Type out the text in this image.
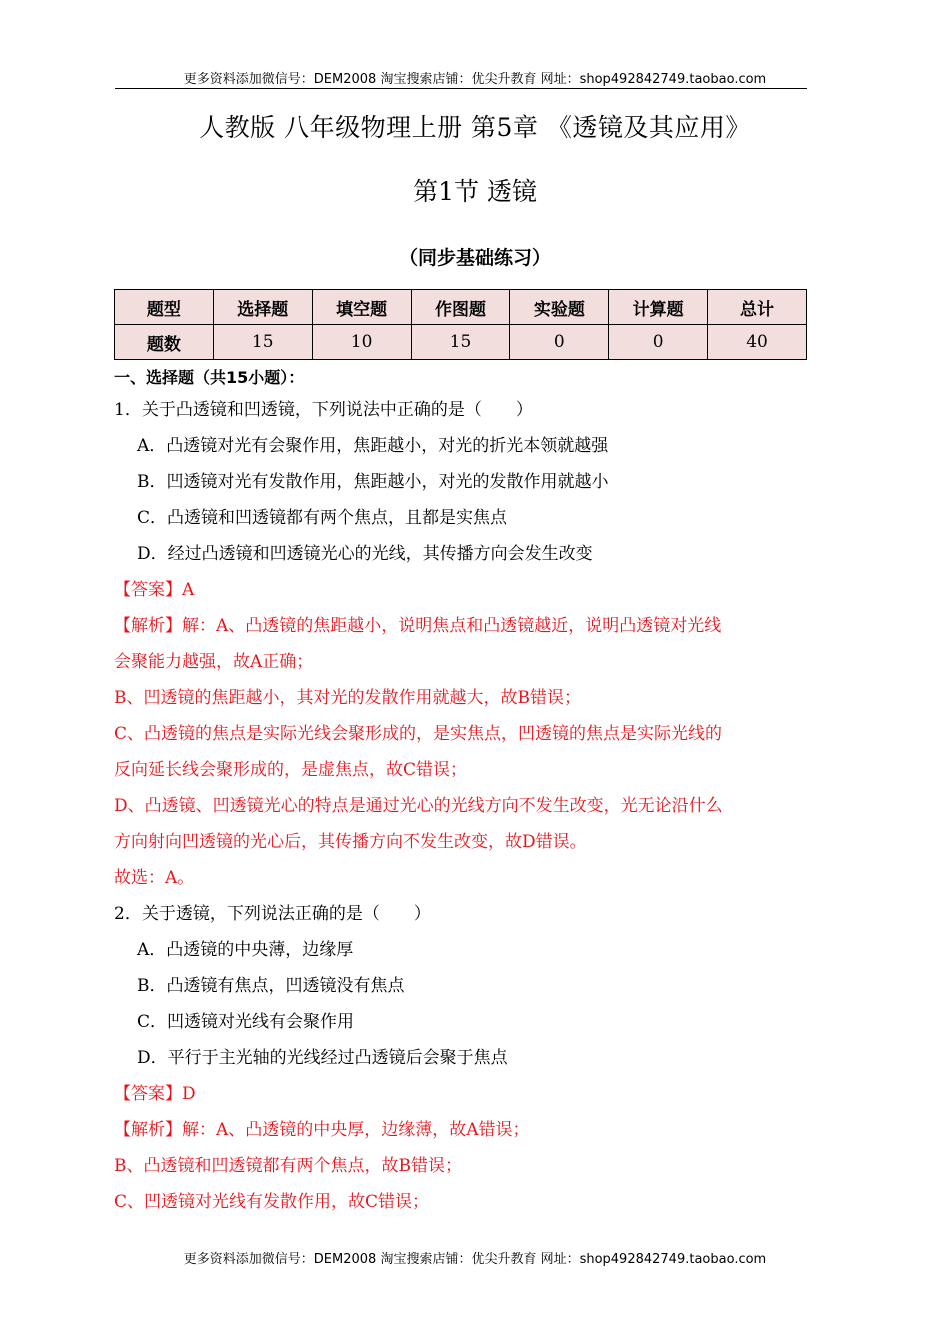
更多资料添加微信号：DEM2008 淘宝搜索店铺：优尖升教育 网址：shop492842749.taobao.com
人教版 八年级物理上册 第5章 《透镜及其应用》
第1节 透镜
（同步基础练习）
题型	选择题	填空题	作图题	实验题	计算题	总计
题数	15	10	15	0	0	40
一、选择题（共15小题）：
1．关于凸透镜和凹透镜，下列说法中正确的是（　　）
A．凸透镜对光有会聚作用，焦距越小，对光的折光本领就越强
B．凹透镜对光有发散作用，焦距越小，对光的发散作用就越小
C．凸透镜和凹透镜都有两个焦点，且都是实焦点
D．经过凸透镜和凹透镜光心的光线，其传播方向会发生改变
【答案】A
【解析】解：A、凸透镜的焦距越小，说明焦点和凸透镜越近，说明凸透镜对光线
会聚能力越强，故A正确；
B、凹透镜的焦距越小，其对光的发散作用就越大，故B错误；
C、凸透镜的焦点是实际光线会聚形成的，是实焦点，凹透镜的焦点是实际光线的
反向延长线会聚形成的，是虚焦点，故C错误；
D、凸透镜、凹透镜光心的特点是通过光心的光线方向不发生改变，光无论沿什么
方向射向凹透镜的光心后，其传播方向不发生改变，故D错误。
故选：A。
2．关于透镜，下列说法正确的是（　　）
A．凸透镜的中央薄，边缘厚
B．凸透镜有焦点，凹透镜没有焦点
C．凹透镜对光线有会聚作用
D．平行于主光轴的光线经过凸透镜后会聚于焦点
【答案】D
【解析】解：A、凸透镜的中央厚，边缘薄，故A错误；
B、凸透镜和凹透镜都有两个焦点，故B错误；
C、凹透镜对光线有发散作用，故C错误；
更多资料添加微信号：DEM2008 淘宝搜索店铺：优尖升教育 网址：shop492842749.taobao.com
